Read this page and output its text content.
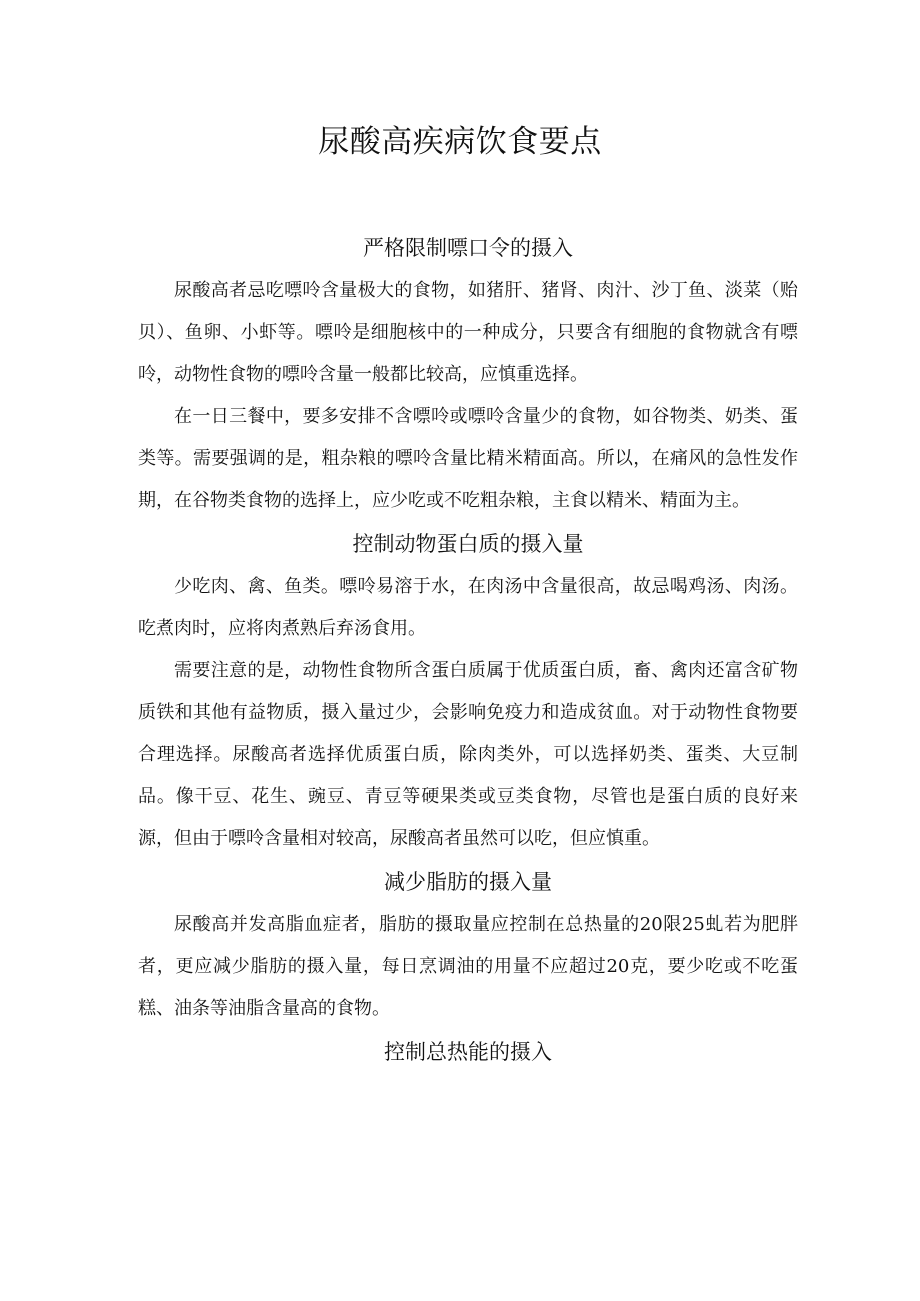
尿酸高疾病饮食要点
严格限制嘌口令的摄入

尿酸高者忌吃嘌呤含量极大的食物，如猪肝、猪肾、肉汁、沙丁鱼、淡菜（贻贝）、鱼卵、小虾等。嘌呤是细胞核中的一种成分，只要含有细胞的食物就含有嘌呤，动物性食物的嘌呤含量一般都比较高，应慎重选择。

在一日三餐中，要多安排不含嘌呤或嘌呤含量少的食物，如谷物类、奶类、蛋类等。需要强调的是，粗杂粮的嘌呤含量比精米精面高。所以，在痛风的急性发作期，在谷物类食物的选择上，应少吃或不吃粗杂粮，主食以精米、精面为主。

控制动物蛋白质的摄入量

少吃肉、禽、鱼类。嘌呤易溶于水，在肉汤中含量很高，故忌喝鸡汤、肉汤。吃煮肉时，应将肉煮熟后弃汤食用。

需要注意的是，动物性食物所含蛋白质属于优质蛋白质，畜、禽肉还富含矿物质铁和其他有益物质，摄入量过少，会影响免疫力和造成贫血。对于动物性食物要合理选择。尿酸高者选择优质蛋白质，除肉类外，可以选择奶类、蛋类、大豆制品。像干豆、花生、豌豆、青豆等硬果类或豆类食物，尽管也是蛋白质的良好来源，但由于嘌呤含量相对较高，尿酸高者虽然可以吃，但应慎重。

减少脂肪的摄入量

尿酸高并发高脂血症者，脂肪的摄取量应控制在总热量的20限25虬若为肥胖者，更应减少脂肪的摄入量，每日烹调油的用量不应超过20克，要少吃或不吃蛋糕、油条等油脂含量高的食物。

控制总热能的摄入
